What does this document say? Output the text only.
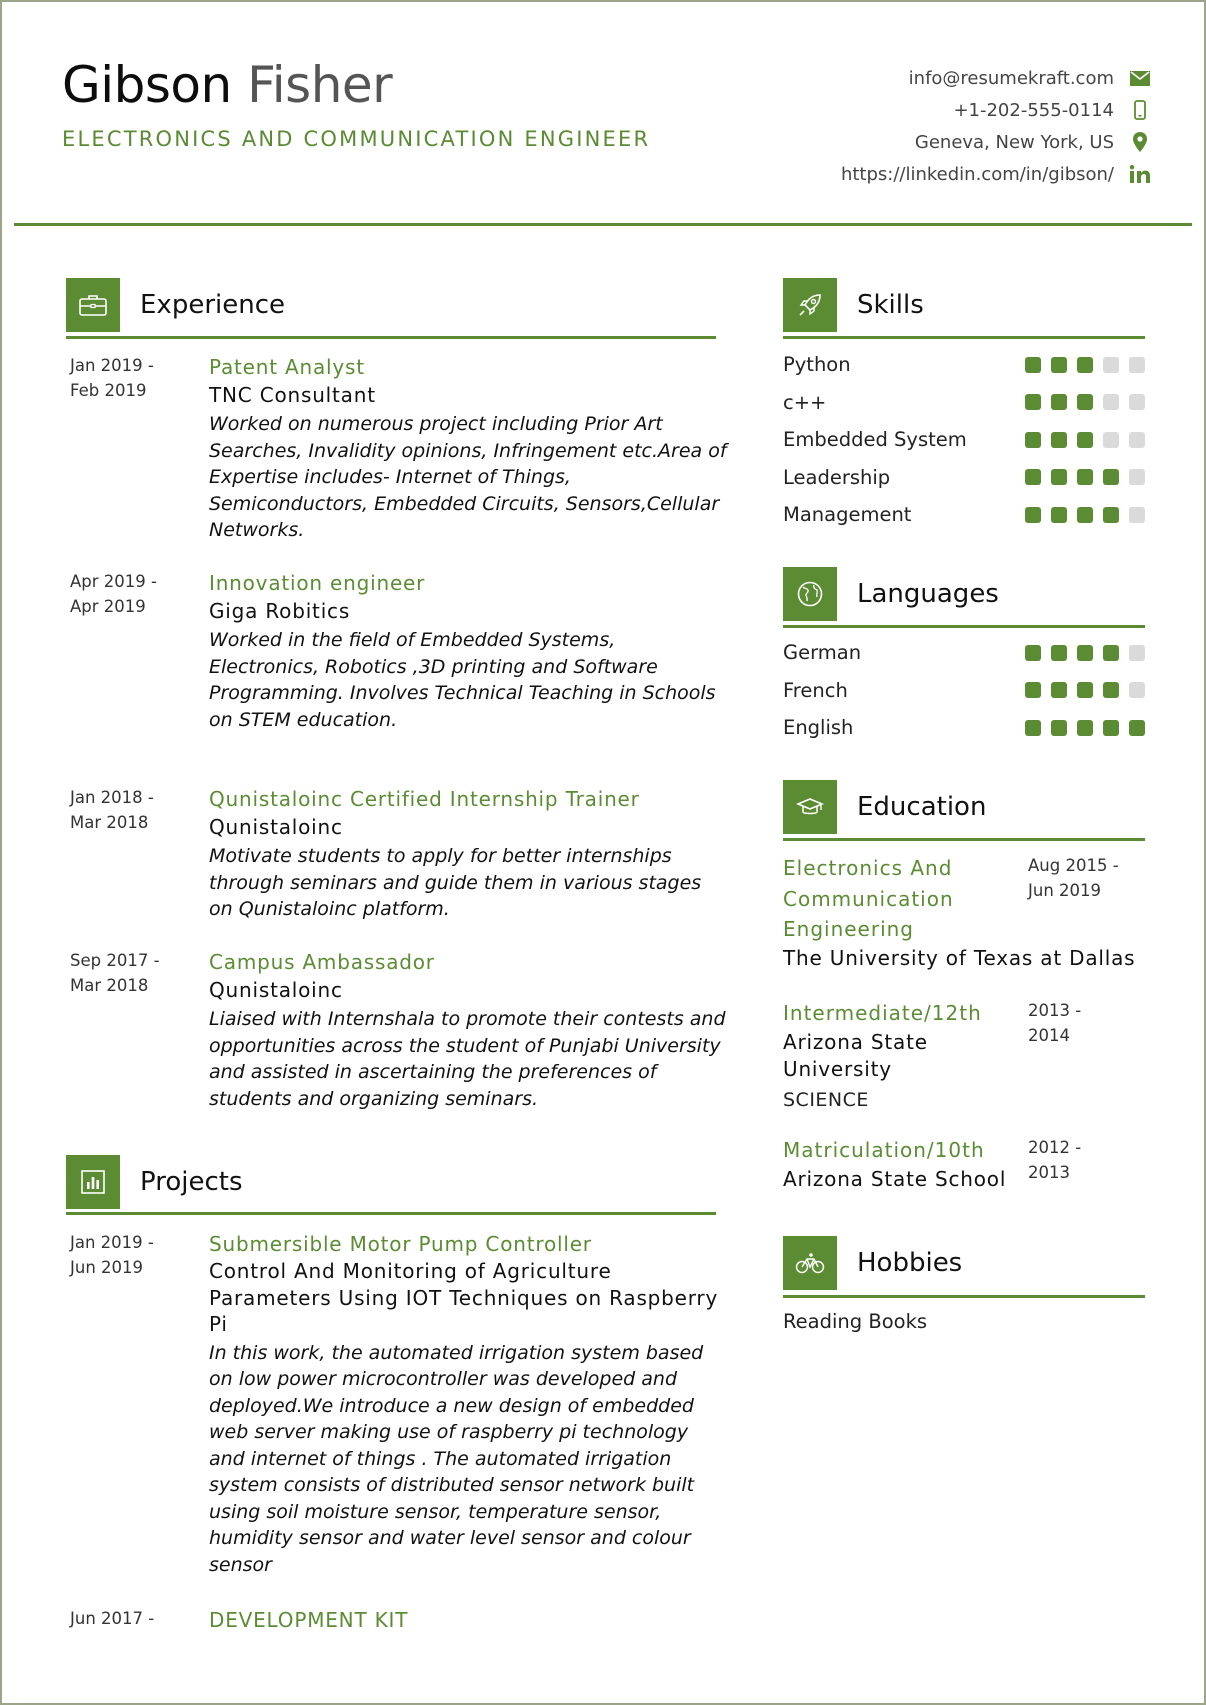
Gibson Fisher
ELECTRONICS AND COMMUNICATION ENGINEER
info@resumekraft.com
+1-202-555-0114
Geneva, New York, US
https://linkedin.com/in/gibson/
Experience
Jan 2019 -
Feb 2019
Patent Analyst
TNC Consultant
Worked on numerous project including Prior Art Searches, Invalidity opinions, Infringement etc.Area of Expertise includes- Internet of Things, Semiconductors, Embedded Circuits, Sensors,Cellular Networks.
Apr 2019 -
Apr 2019
Innovation engineer
Giga Robitics
Worked in the field of Embedded Systems, Electronics, Robotics ,3D printing and Software Programming. Involves Technical Teaching in Schools on STEM education.
Jan 2018 -
Mar 2018
Qunistaloinc Certified Internship Trainer
Qunistaloinc
Motivate students to apply for better internships through seminars and guide them in various stages on Qunistaloinc platform.
Sep 2017 -
Mar 2018
Campus Ambassador
Qunistaloinc
Liaised with Internshala to promote their contests and opportunities across the student of Punjabi University and assisted in ascertaining the preferences of students and organizing seminars.
Projects
Jan 2019 -
Jun 2019
Submersible Motor Pump Controller
Control And Monitoring of Agriculture Parameters Using IOT Techniques on Raspberry Pi
In this work, the automated irrigation system based on low power microcontroller was developed and deployed.We introduce a new design of embedded web server making use of raspberry pi technology and internet of things . The automated irrigation system consists of distributed sensor network built using soil moisture sensor, temperature sensor, humidity sensor and water level sensor and colour sensor
Jun 2017 -	DEVELOPMENT KIT
Skills
Python
c++
Embedded System
Leadership
Management
Languages
German
French
English
Education
Electronics And Communication Engineering
Aug 2015 -
Jun 2019
The University of Texas at Dallas
Intermediate/12th	2013 -
2014
Arizona State University
SCIENCE
Matriculation/10th	2012 -
2013
Arizona State School
Hobbies
Reading Books
